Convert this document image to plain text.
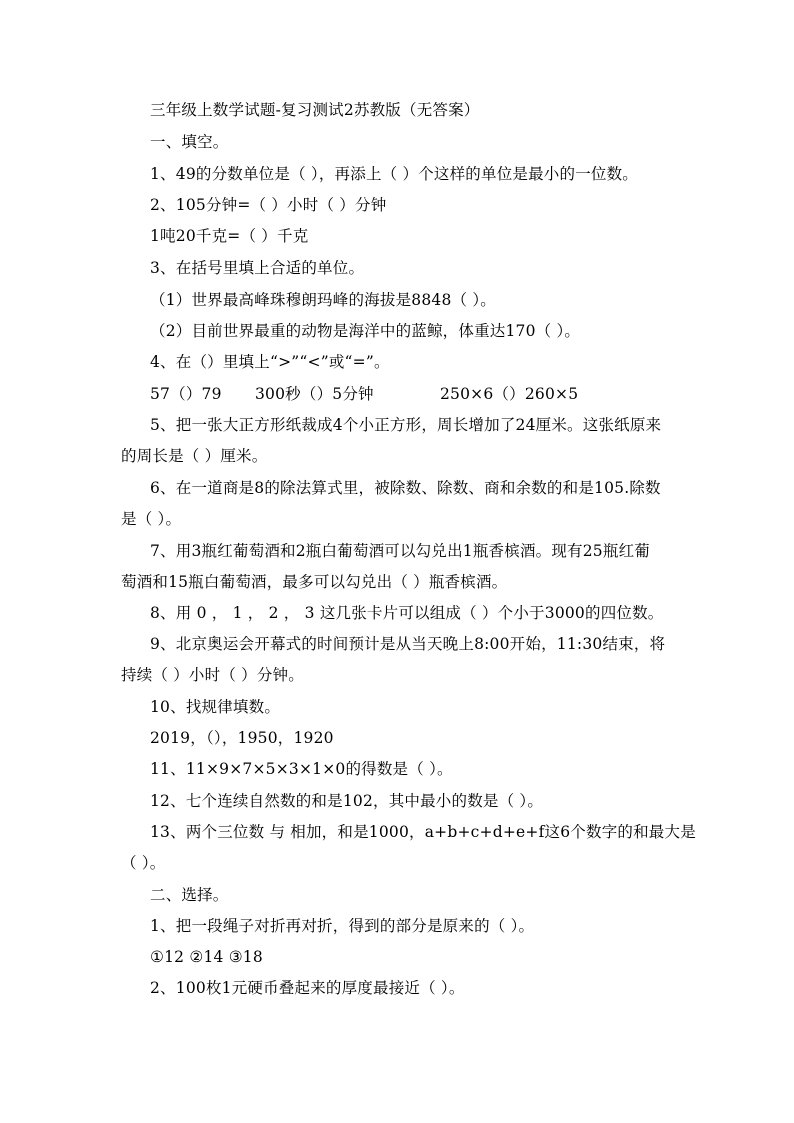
三年级上数学试题-复习测试2苏教版（无答案）
一、填空。
1、49的分数单位是（ ），再添上（ ）个这样的单位是最小的一位数。
2、105分钟=（ ）小时（ ）分钟
1吨20千克=（ ）千克
3、在括号里填上合适的单位。
（1）世界最高峰珠穆朗玛峰的海拔是8848（ ）。
（2）目前世界最重的动物是海洋中的蓝鲸，体重达170（ ）。
4、在（）里填上“>”“<”或“=”。
57（）79 300秒（）5分钟	250×6（）260×5
5、把一张大正方形纸裁成4个小正方形，周长增加了24厘米。这张纸原来
的周长是（ ）厘米。
6、在一道商是8的除法算式里，被除数、除数、商和余数的和是105.除数
是（ ）。
7、用3瓶红葡萄酒和2瓶白葡萄酒可以勾兑出1瓶香槟酒。现有25瓶红葡
萄酒和15瓶白葡萄酒，最多可以勾兑出（ ）瓶香槟酒。
8、用 0 ， 1 ， 2 ， 3 这几张卡片可以组成（ ）个小于3000的四位数。
9、北京奥运会开幕式的时间预计是从当天晚上8:00开始，11:30结束，将
持续（ ）小时（ ）分钟。
10、找规律填数。
2019，（），1950，1920
11、11×9×7×5×3×1×0的得数是（ ）。
12、七个连续自然数的和是102，其中最小的数是（ ）。
13、两个三位数 与 相加，和是1000，a+b+c+d+e+f这6个数字的和最大是
（ ）。
二、选择。
1、把一段绳子对折再对折，得到的部分是原来的（ ）。
①12 ②14 ③18
2、100枚1元硬币叠起来的厚度最接近（ ）。
